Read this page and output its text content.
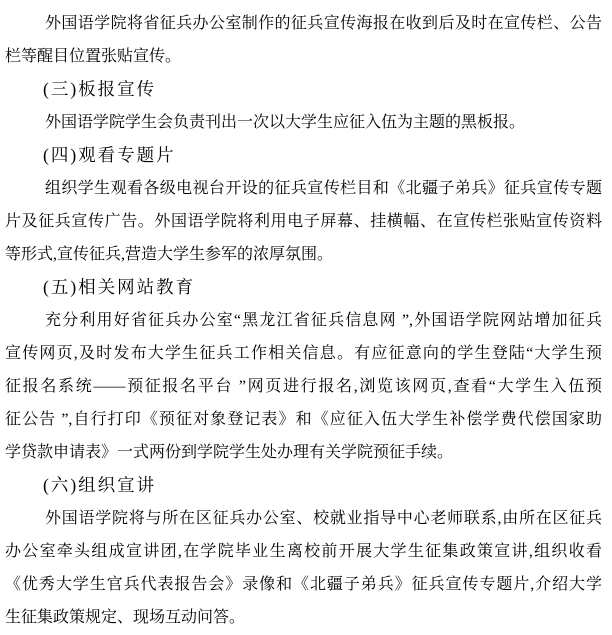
外国语学院将省征兵办公室制作的征兵宣传海报在收到后及时在宣传栏、公告
栏等醒目位置张贴宣传。
(三)板报宣传
外国语学院学生会负责刊出一次以大学生应征入伍为主题的黑板报。
(四)观看专题片
组织学生观看各级电视台开设的征兵宣传栏目和《北疆子弟兵》征兵宣传专题
片及征兵宣传广告。外国语学院将利用电子屏幕、挂横幅、在宣传栏张贴宣传资料
等形式,宣传征兵,营造大学生参军的浓厚氛围。
(五)相关网站教育
充分利用好省征兵办公室“黑龙江省征兵信息网 ”,外国语学院网站增加征兵
宣传网页,及时发布大学生征兵工作相关信息。有应征意向的学生登陆“大学生预
征报名系统——预征报名平台 ”网页进行报名,浏览该网页,查看“大学生入伍预
征公告 ”,自行打印《预征对象登记表》和《应征入伍大学生补偿学费代偿国家助
学贷款申请表》一式两份到学院学生处办理有关学院预征手续。
(六)组织宣讲
外国语学院将与所在区征兵办公室、校就业指导中心老师联系,由所在区征兵
办公室牵头组成宣讲团,在学院毕业生离校前开展大学生征集政策宣讲,组织收看
《优秀大学生官兵代表报告会》录像和《北疆子弟兵》征兵宣传专题片,介绍大学
生征集政策规定、现场互动问答。
